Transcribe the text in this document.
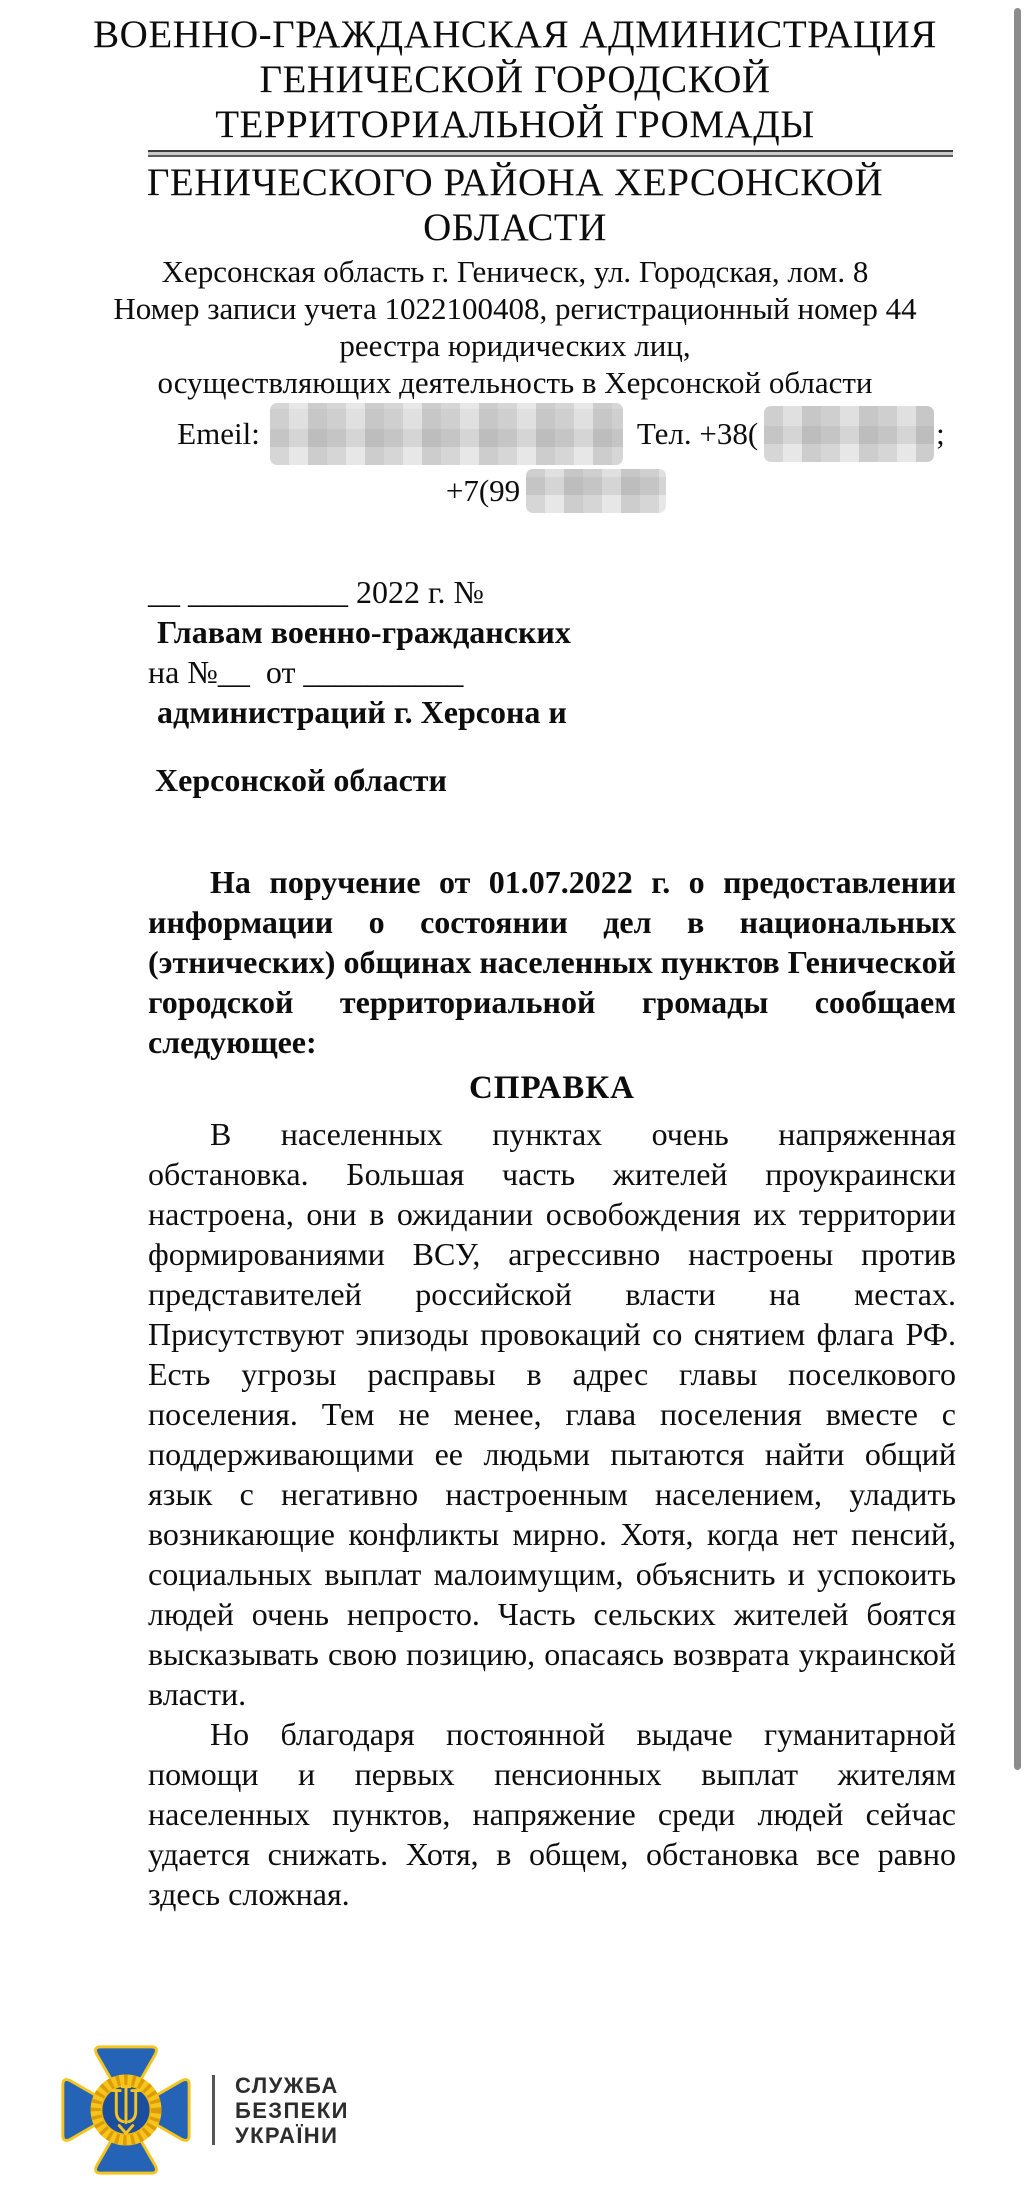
ВОЕННО-ГРАЖДАНСКАЯ АДМИНИСТРАЦИЯ
ГЕНИЧЕСКОЙ ГОРОДСКОЙ
ТЕРРИТОРИАЛЬНОЙ ГРОМАДЫ
ГЕНИЧЕСКОГО РАЙОНА ХЕРСОНСКОЙ
ОБЛАСТИ
Херсонская область г. Геническ, ул. Городская, лом. 8
Номер записи учета 1022100408, регистрационный номер 44
реестра юридических лиц,
осуществляющих деятельность в Херсонской области
Emeil:	Тел. +38(	;
+7(99
__ __________ 2022 г. №
Главам военно-гражданских
на №__  от __________
администраций г. Херсона и
Херсонской области

На поручение от 01.07.2022 г. о предоставлении информации о состоянии дел в национальных (этнических) общинах населенных пунктов Генической городской территориальной громады сообщаем следующее:

СПРАВКА

В населенных пунктах очень напряженная обстановка. Большая часть жителей проукраински настроена, они в ожидании освобождения их территории формированиями ВСУ, агрессивно настроены против представителей российской власти на местах. Присутствуют эпизоды провокаций со снятием флага РФ. Есть угрозы расправы в адрес главы поселкового поселения. Тем не менее, глава поселения вместе с поддерживающими ее людьми пытаются найти общий язык с негативно настроенным населением, уладить возникающие конфликты мирно. Хотя, когда нет пенсий, социальных выплат малоимущим, объяснить и успокоить людей очень непросто. Часть сельских жителей боятся высказывать свою позицию, опасаясь возврата украинской власти.

Но благодаря постоянной выдаче гуманитарной помощи и первых пенсионных выплат жителям населенных пунктов, напряжение среди людей сейчас удается снижать. Хотя, в общем, обстановка все равно здесь сложная.

СЛУЖБА
БЕЗПЕКИ
УКРАЇНИ
